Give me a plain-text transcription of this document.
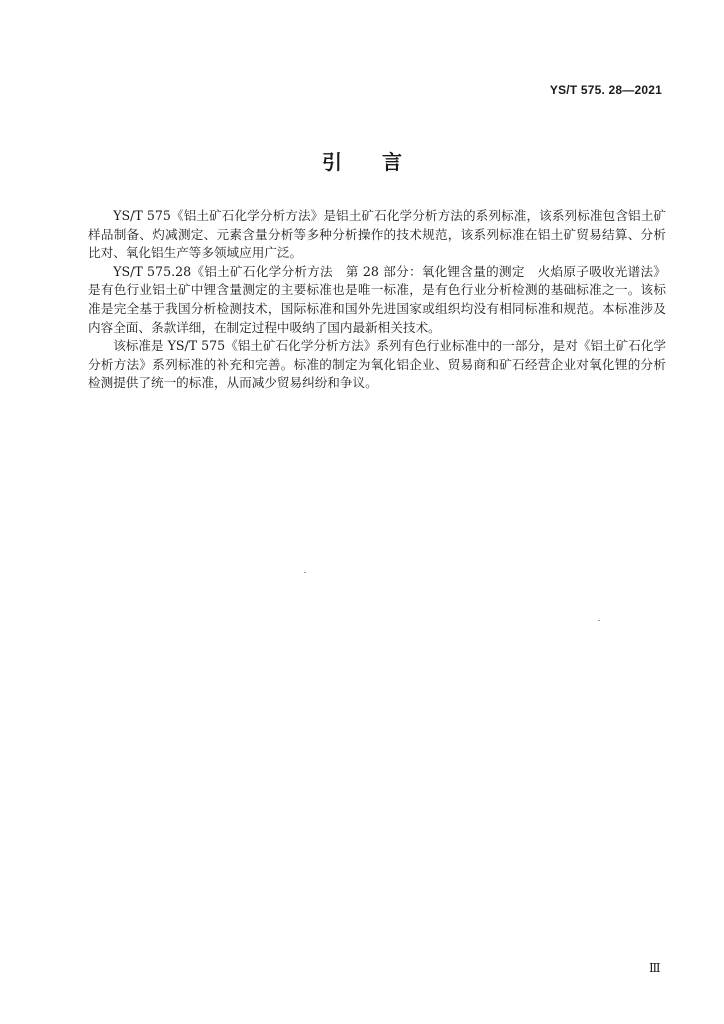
YS/T 575. 28—2021
引 言

YS/T 575《铝土矿石化学分析方法》是铝土矿石化学分析方法的系列标准，该系列标准包含铝土矿样品制备、灼减测定、元素含量分析等多种分析操作的技术规范，该系列标准在铝土矿贸易结算、分析比对、氧化铝生产等多领域应用广泛。

YS/T 575.28《铝土矿石化学分析方法　第 28 部分：氧化锂含量的测定　火焰原子吸收光谱法》是有色行业铝土矿中锂含量测定的主要标准也是唯一标准，是有色行业分析检测的基础标准之一。该标准是完全基于我国分析检测技术，国际标准和国外先进国家或组织均没有相同标准和规范。本标准涉及内容全面、条款详细，在制定过程中吸纳了国内最新相关技术。

该标准是 YS/T 575《铝土矿石化学分析方法》系列有色行业标准中的一部分，是对《铝土矿石化学分析方法》系列标准的补充和完善。标准的制定为氧化铝企业、贸易商和矿石经营企业对氧化锂的分析检测提供了统一的标准，从而减少贸易纠纷和争议。

Ⅲ
